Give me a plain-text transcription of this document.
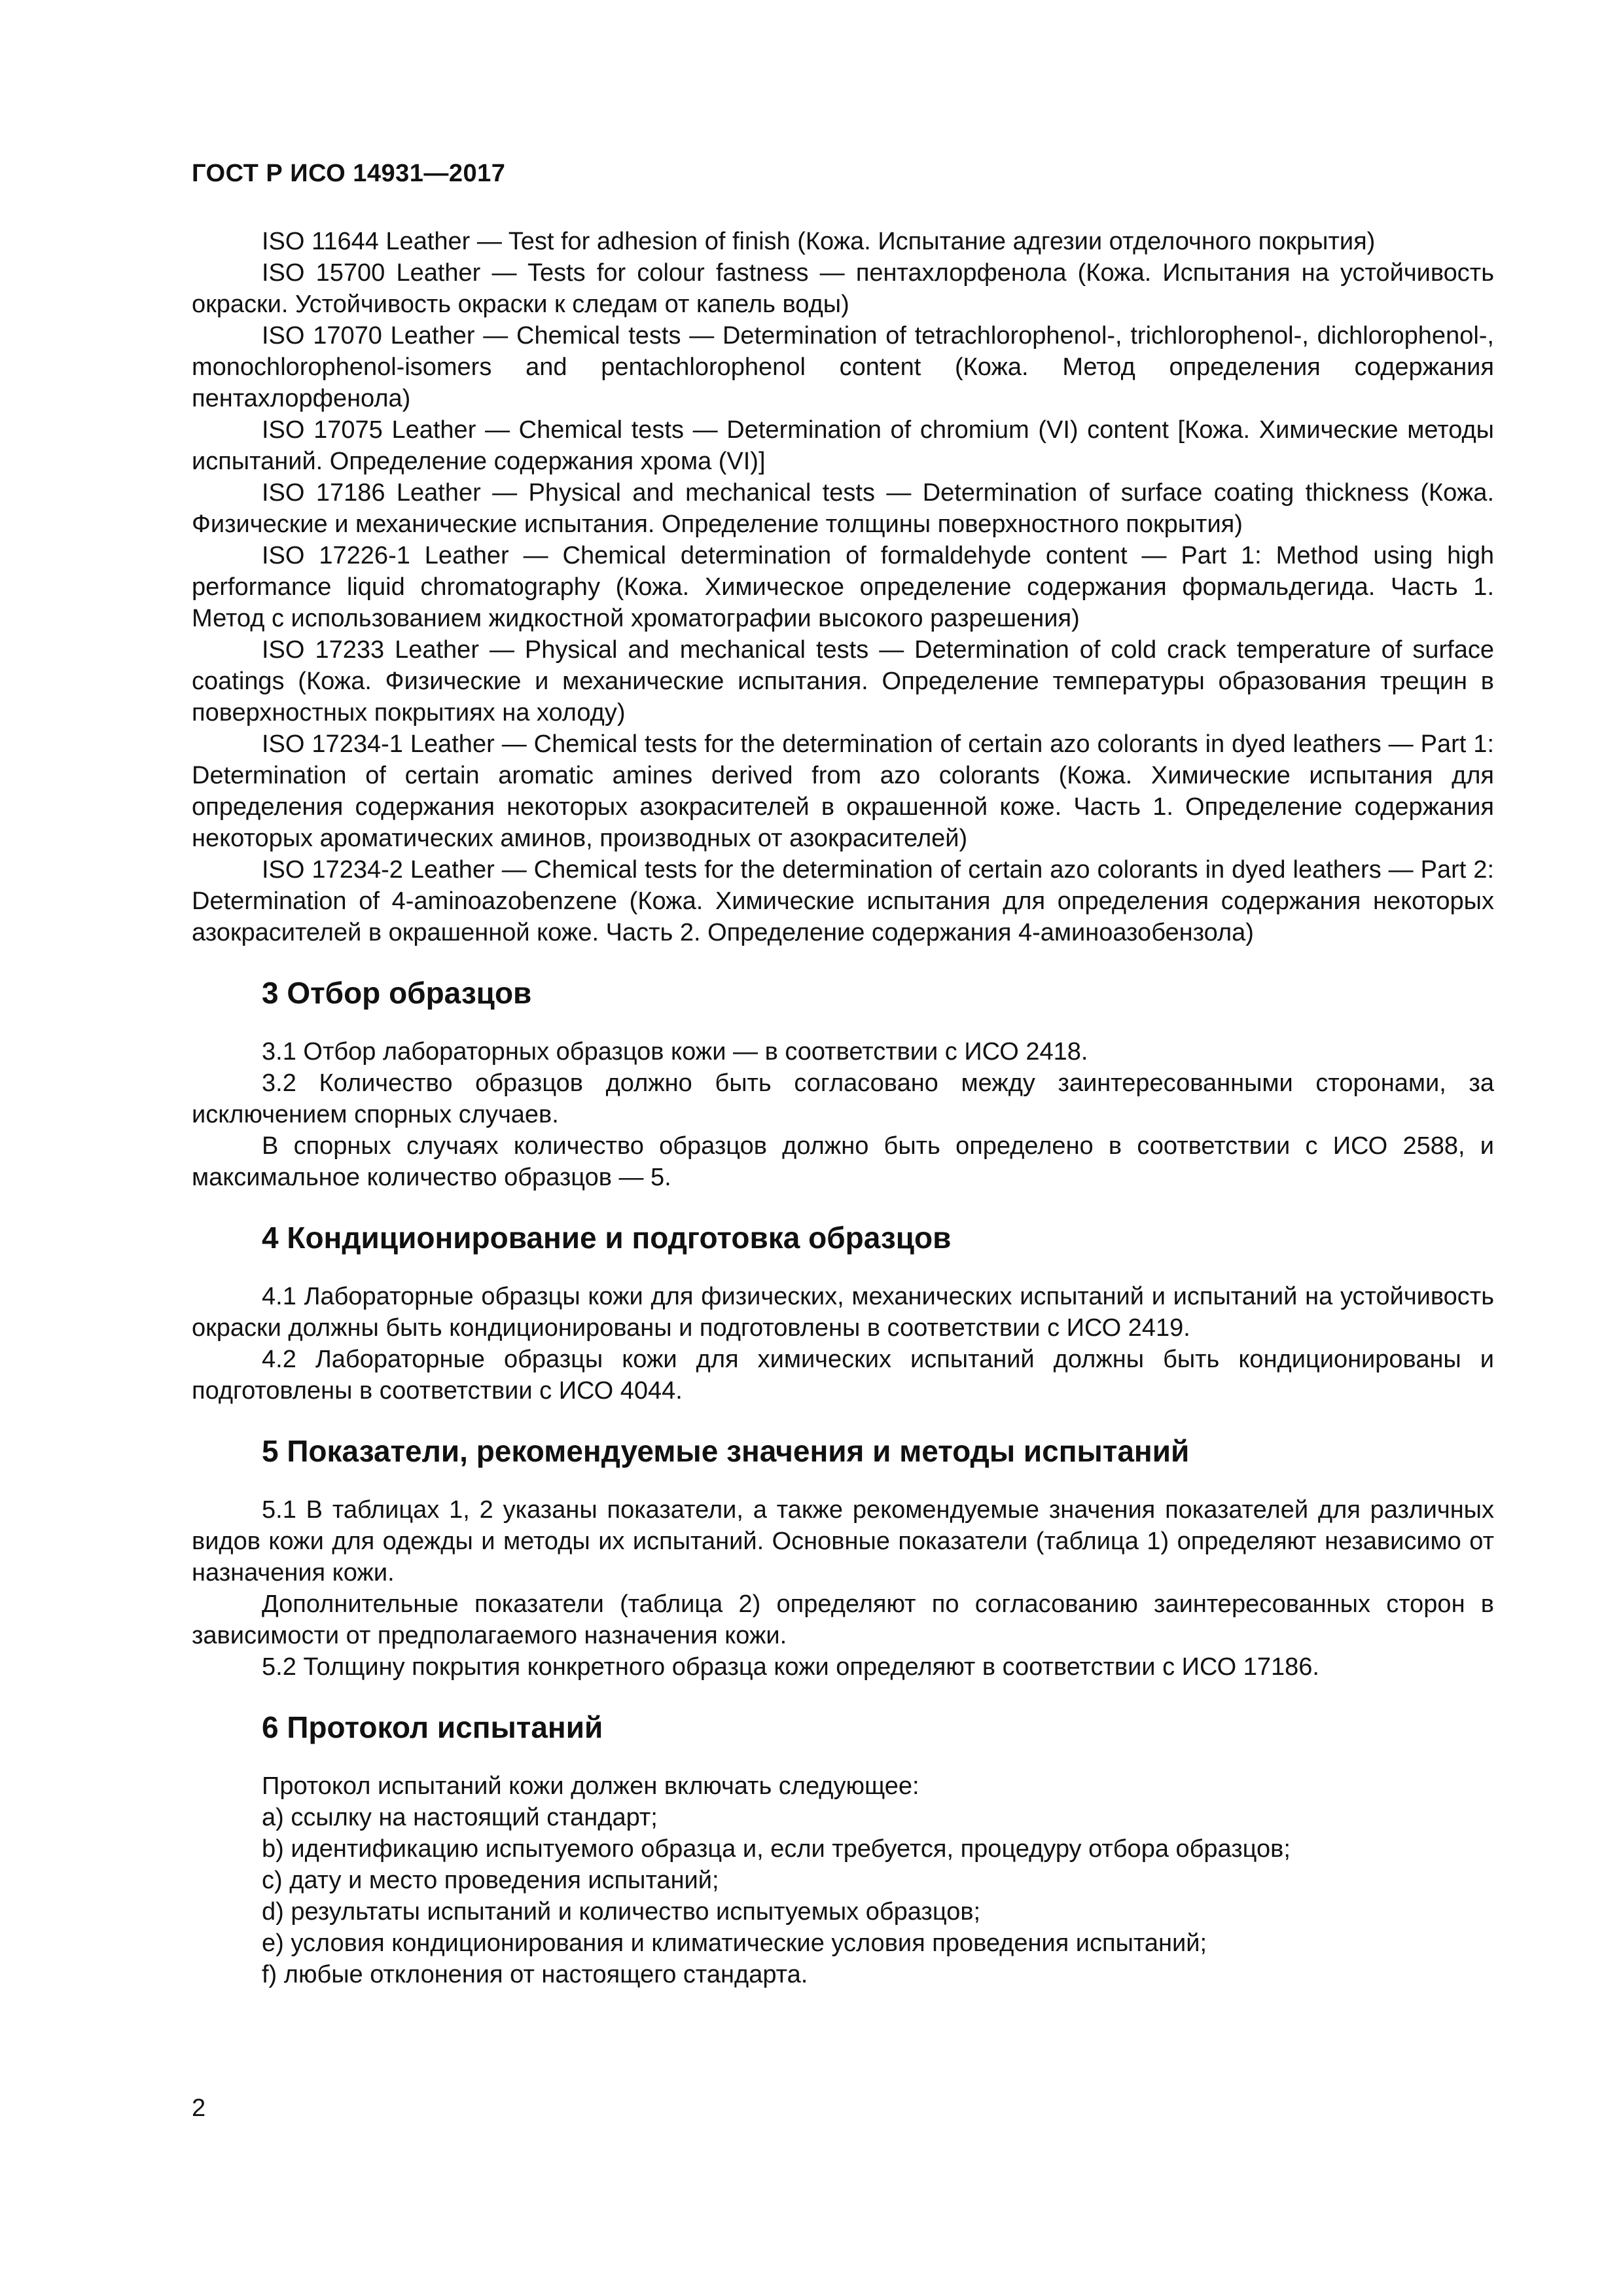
ГОСТ Р ИСО 14931—2017

ISO 11644 Leather — Test for adhesion of finish (Кожа. Испытание адгезии отделочного покрытия)

ISO 15700 Leather — Tests for colour fastness — пентахлорфенола (Кожа. Испытания на устойчивость окраски. Устойчивость окраски к следам от капель воды)

ISO 17070 Leather — Chemical tests — Determination of tetrachlorophenol-, trichlorophenol-, dichlorophenol-, monochlorophenol-isomers and pentachlorophenol content (Кожа. Метод определения содержания пентахлорфенола)

ISO 17075 Leather — Chemical tests — Determination of chromium (VI) content [Кожа. Химические методы испытаний. Определение содержания хрома (VI)]

ISO 17186 Leather — Physical and mechanical tests — Determination of surface coating thickness (Кожа. Физические и механические испытания. Определение толщины поверхностного покрытия)

ISO 17226-1 Leather — Chemical determination of formaldehyde content — Part 1: Method using high performance liquid chromatography (Кожа. Химическое определение содержания формальдегида. Часть 1. Метод с использованием жидкостной хроматографии высокого разрешения)

ISO 17233 Leather — Physical and mechanical tests — Determination of cold crack temperature of surface coatings (Кожа. Физические и механические испытания. Определение температуры образования трещин в поверхностных покрытиях на холоду)

ISO 17234-1 Leather — Chemical tests for the determination of certain azo colorants in dyed leathers — Part 1: Determination of certain aromatic amines derived from azo colorants (Кожа. Химические испытания для определения содержания некоторых азокрасителей в окрашенной коже. Часть 1. Определение содержания некоторых ароматических аминов, производных от азокрасителей)

ISO 17234-2 Leather — Chemical tests for the determination of certain azo colorants in dyed leathers — Part 2: Determination of 4-aminoazobenzene (Кожа. Химические испытания для определения содержания некоторых азокрасителей в окрашенной коже. Часть 2. Определение содержания 4-аминоазобензола)

3 Отбор образцов

3.1 Отбор лабораторных образцов кожи — в соответствии с ИСО 2418.

3.2 Количество образцов должно быть согласовано между заинтересованными сторонами, за исключением спорных случаев.

В спорных случаях количество образцов должно быть определено в соответствии с ИСО 2588, и максимальное количество образцов — 5.

4 Кондиционирование и подготовка образцов

4.1 Лабораторные образцы кожи для физических, механических испытаний и испытаний на устойчивость окраски должны быть кондиционированы и подготовлены в соответствии с ИСО 2419.

4.2 Лабораторные образцы кожи для химических испытаний должны быть кондиционированы и подготовлены в соответствии с ИСО 4044.

5 Показатели, рекомендуемые значения и методы испытаний

5.1 В таблицах 1, 2 указаны показатели, а также рекомендуемые значения показателей для различных видов кожи для одежды и методы их испытаний. Основные показатели (таблица 1) определяют независимо от назначения кожи.

Дополнительные показатели (таблица 2) определяют по согласованию заинтересованных сторон в зависимости от предполагаемого назначения кожи.

5.2 Толщину покрытия конкретного образца кожи определяют в соответствии с ИСО 17186.

6 Протокол испытаний

Протокол испытаний кожи должен включать следующее:

a) ссылку на настоящий стандарт;
b) идентификацию испытуемого образца и, если требуется, процедуру отбора образцов;
c) дату и место проведения испытаний;
d) результаты испытаний и количество испытуемых образцов;
e) условия кондиционирования и климатические условия проведения испытаний;
f) любые отклонения от настоящего стандарта.
2
